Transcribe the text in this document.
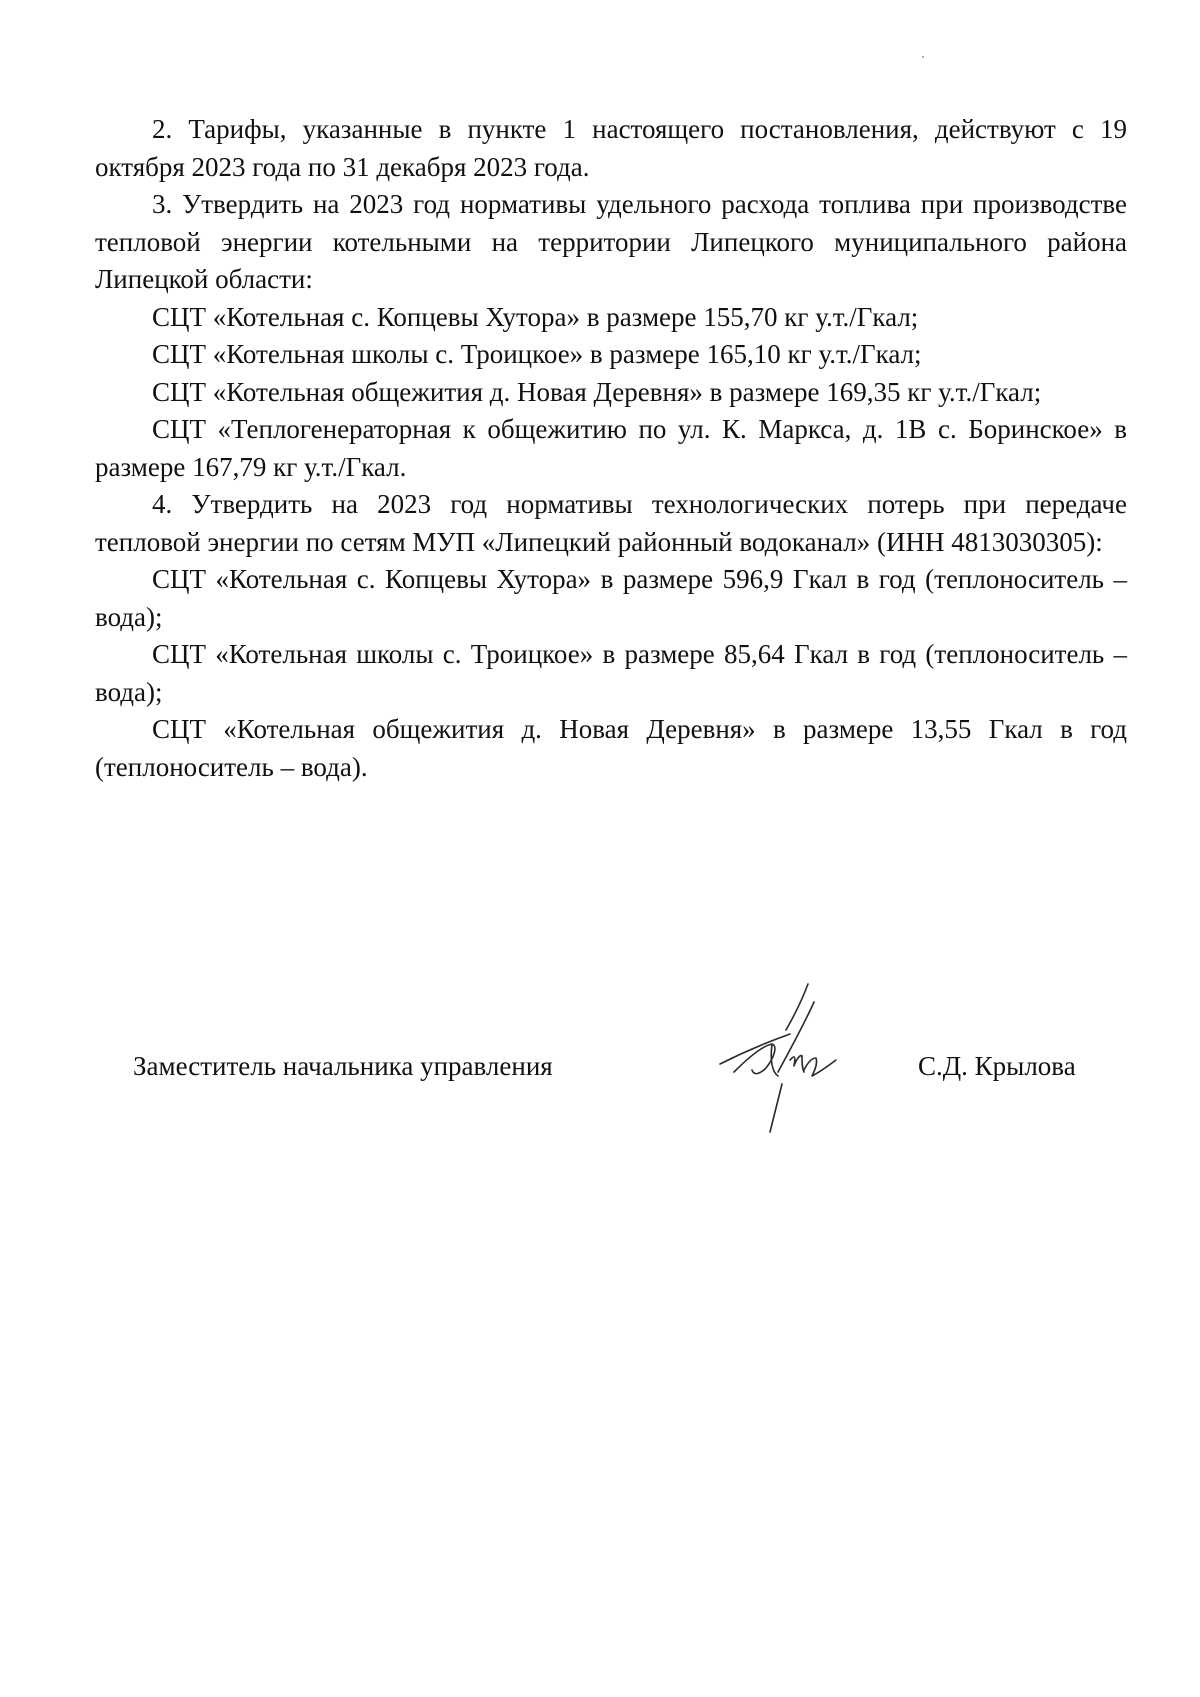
2. Тарифы, указанные в пункте 1 настоящего постановления, действуют с 19 октября 2023 года по 31 декабря 2023 года.

3. Утвердить на 2023 год нормативы удельного расхода топлива при производстве тепловой энергии котельными на территории Липецкого муниципального района Липецкой области:

СЦТ «Котельная с. Копцевы Хутора» в размере 155,70 кг у.т./Гкал;

СЦТ «Котельная школы с. Троицкое» в размере 165,10 кг у.т./Гкал;

СЦТ «Котельная общежития д. Новая Деревня» в размере 169,35 кг у.т./Гкал;

СЦТ «Теплогенераторная к общежитию по ул. К. Маркса, д. 1В с. Боринское» в размере 167,79 кг у.т./Гкал.

4. Утвердить на 2023 год нормативы технологических потерь при передаче тепловой энергии по сетям МУП «Липецкий районный водоканал» (ИНН 4813030305):

СЦТ «Котельная с. Копцевы Хутора» в размере 596,9 Гкал в год (теплоноситель – вода);

СЦТ «Котельная школы с. Троицкое» в размере 85,64 Гкал в год (теплоноситель – вода);

СЦТ «Котельная общежития д. Новая Деревня» в размере 13,55 Гкал в год (теплоноситель – вода).

Заместитель начальника управления	С.Д. Крылова
